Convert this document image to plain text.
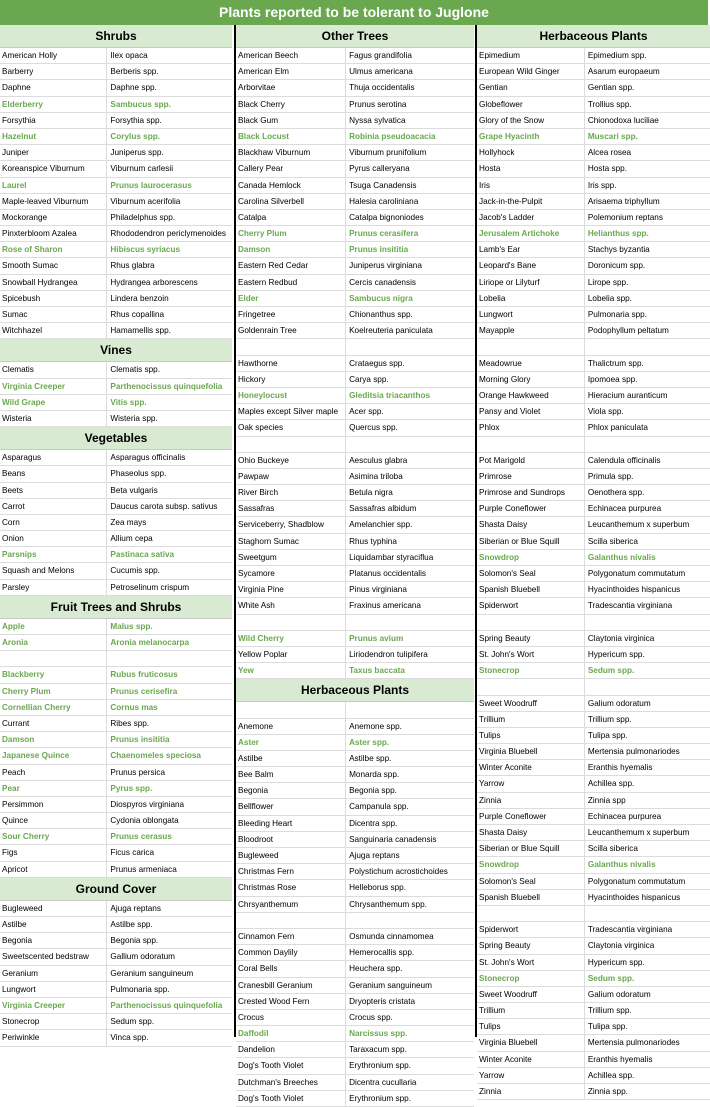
Plants reported to be tolerant to Juglone
Shrubs
American Holly	Ilex opaca
Barberry	Berberis spp.
Daphne	Daphne spp.
Elderberry	Sambucus spp.
Forsythia	Forsythia spp.
Hazelnut	Corylus spp.
Juniper	Juniperus spp.
Koreanspice Viburnum	Viburnum carlesii
Laurel	Prunus laurocerasus
Maple-leaved Viburnum	Viburnum acerifolia
Mockorange	Philadelphus spp.
Pinxterbloom Azalea	Rhododendron periclymenoides
Rose of Sharon	Hibiscus syriacus
Smooth Sumac	Rhus glabra
Snowball Hydrangea	Hydrangea arborescens
Spicebush	Lindera benzoin
Sumac	Rhus copallina
Witchhazel	Hamamellis spp.
Vines
Clematis	Clematis spp.
Virginia Creeper	Parthenocissus quinquefolia
Wild Grape	Vitis spp.
Wisteria	Wisteria spp.
Vegetables
Asparagus	Asparagus officinalis
Beans	Phaseolus spp.
Beets	Beta vulgaris
Carrot	Daucus carota subsp. sativus
Corn	Zea mays
Onion	Allium cepa
Parsnips	Pastinaca sativa
Squash and Melons	Cucumis spp.
Parsley	Petroselinum crispum
Fruit Trees and Shrubs
Apple	Malus spp.
Aronia	Aronia melanocarpa
Blackberry	Rubus fruticosus
Cherry Plum	Prunus cerisefira
Cornellian Cherry	Cornus mas
Currant	Ribes spp.
Damson	Prunus insititia
Japanese Quince	Chaenomeles speciosa
Peach	Prunus persica
Pear	Pyrus spp.
Persimmon	Diospyros virginiana
Quince	Cydonia oblongata
Sour Cherry	Prunus cerasus
Figs	Ficus carica
Apricot	Prunus armeniaca
Ground Cover
Bugleweed	Ajuga reptans
Astilbe	Astilbe spp.
Begonia	Begonia spp.
Sweetscented bedstraw	Gallium odoratum
Geranium	Geranium sanguineum
Lungwort	Pulmonaria spp.
Virginia Creeper	Parthenocissus quinquefolia
Stonecrop	Sedum spp.
Periwinkle	Vinca spp.
Other Trees
American Beech	Fagus grandifolia
American Elm	Ulmus americana
Arborvitae	Thuja occidentalis
Black Cherry	Prunus serotina
Black Gum	Nyssa sylvatica
Black Locust	Robinia pseudoacacia
Blackhaw Viburnum	Viburnum prunifolium
Callery Pear	Pyrus calleryana
Canada Hemlock	Tsuga Canadensis
Carolina Silverbell	Halesia caroliniana
Catalpa	Catalpa bignoniodes
Cherry Plum	Prunus cerasifera
Damson	Prunus insititia
Eastern Red Cedar	Juniperus virginiana
Eastern Redbud	Cercis canadensis
Elder	Sambucus nigra
Fringetree	Chionanthus spp.
Goldenrain Tree	Koelreuteria paniculata
Hawthorne	Crataegus spp.
Hickory	Carya spp.
Honeylocust	Gleditsia triacanthos
Maples except Silver maple	Acer spp.
Oak species	Quercus spp.
Ohio Buckeye	Aesculus glabra
Pawpaw	Asimina triloba
River Birch	Betula nigra
Sassafras	Sassafras albidum
Serviceberry, Shadblow	Amelanchier spp.
Staghorn Sumac	Rhus typhina
Sweetgum	Liquidambar styraciflua
Sycamore	Platanus occidentalis
Virginia Pine	Pinus virginiana
White Ash	Fraxinus americana
Wild Cherry	Prunus avium
Yellow Poplar	Liriodendron tulipifera
Yew	Taxus baccata
Herbaceous Plants
Anemone	Anemone spp.
Aster	Aster spp.
Astilbe	Astilbe spp.
Bee Balm	Monarda spp.
Begonia	Begonia spp.
Bellflower	Campanula spp.
Bleeding Heart	Dicentra spp.
Bloodroot	Sanguinaria canadensis
Bugleweed	Ajuga reptans
Christmas Fern	Polystichum acrostichoides
Christmas Rose	Helleborus spp.
Chrsyanthemum	Chrysanthemum spp.
Cinnamon Fern	Osmunda cinnamomea
Common Daylily	Hemerocallis spp.
Coral Bells	Heuchera spp.
Cranesbill Geranium	Geranium sanguineum
Crested Wood Fern	Dryopteris cristata
Crocus	Crocus spp.
Daffodil	Narcissus spp.
Dandelion	Taraxacum spp.
Dog's Tooth Violet	Erythronium spp.
Dutchman's Breeches	Dicentra cucullaria
Dog's Tooth Violet	Erythronium spp.
Herbaceous Plants
Epimedium	Epimedium spp.
European Wild Ginger	Asarum europaeum
Gentian	Gentian spp.
Globeflower	Trollius spp.
Glory of the Snow	Chionodoxa luciliae
Grape Hyacinth	Muscari spp.
Hollyhock	Alcea rosea
Hosta	Hosta spp.
Iris	Iris spp.
Jack-in-the-Pulpit	Arisaema triphyllum
Jacob's Ladder	Polemonium reptans
Jerusalem Artichoke	Helianthus spp.
Lamb's Ear	Stachys byzantia
Leopard's Bane	Doronicum spp.
Liriope or Lilyturf	Lirope spp.
Lobelia	Lobelia spp.
Lungwort	Pulmonaria spp.
Mayapple	Podophyllum peltatum
Meadowrue	Thalictrum spp.
Morning Glory	Ipomoea spp.
Orange Hawkweed	Hieracium auranticum
Pansy and Violet	Viola spp.
Phlox	Phlox paniculata
Pot Marigold	Calendula officinalis
Primrose	Primula spp.
Primrose and Sundrops	Oenothera spp.
Purple Coneflower	Echinacea purpurea
Shasta Daisy	Leucanthemum x superbum
Siberian or Blue Squill	Scilla siberica
Snowdrop	Galanthus nivalis
Solomon's Seal	Polygonatum commutatum
Spanish Bluebell	Hyacinthoides hispanicus
Spiderwort	Tradescantia virginiana
Spring Beauty	Claytonia virginica
St. John's Wort	Hypericum spp.
Stonecrop	Sedum spp.
Sweet Woodruff	Galium odoratum
Trillium	Trillium spp.
Tulips	Tulipa spp.
Virginia Bluebell	Mertensia pulmonariodes
Winter Aconite	Eranthis hyemalis
Yarrow	Achillea spp.
Zinnia	Zinnia spp
Purple Coneflower	Echinacea purpurea
Shasta Daisy	Leucanthemum x superbum
Siberian or Blue Squill	Scilla siberica
Snowdrop	Galanthus nivalis
Solomon's Seal	Polygonatum commutatum
Spanish Bluebell	Hyacinthoides hispanicus
Spiderwort	Tradescantia virginiana
Spring Beauty	Claytonia virginica
St. John's Wort	Hypericum spp.
Stonecrop	Sedum spp.
Sweet Woodruff	Galium odoratum
Trillium	Trillium spp.
Tulips	Tulipa spp.
Virginia Bluebell	Mertensia pulmonariodes
Winter Aconite	Eranthis hyemalis
Yarrow	Achillea spp.
Zinnia	Zinnia spp.
